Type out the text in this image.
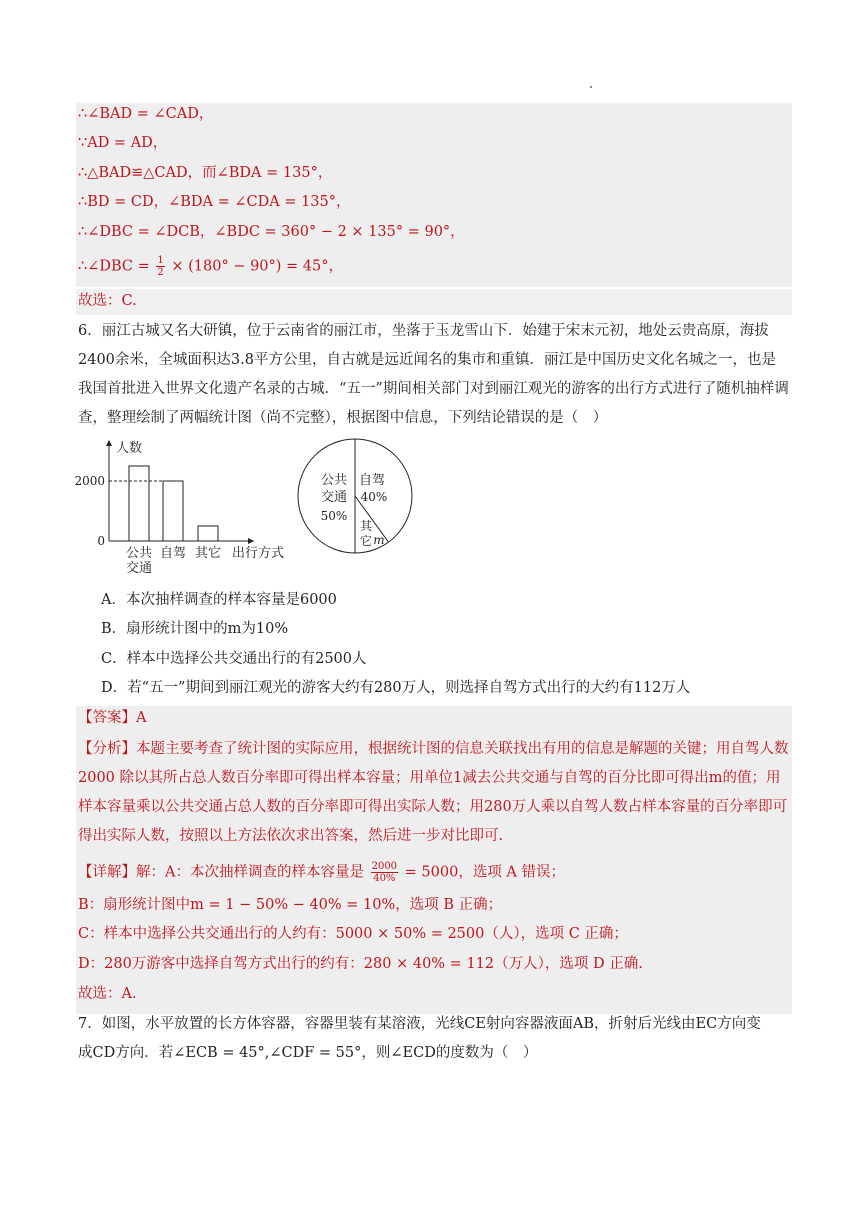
∴∠BAD = ∠CAD，
∵AD = AD，
∴△BAD≌△CAD，而∠BDA = 135°，
∴BD = CD，∠BDA = ∠CDA = 135°，
∴∠DBC = ∠DCB，∠BDC = 360° − 2 × 135° = 90°，
∴∠DBC = $\frac{1}{2} \times (180^\circ - 90^\circ) = 45^\circ$，
故选：C.
6．丽江古城又名大研镇，位于云南省的丽江市，坐落于玉龙雪山下．始建于宋末元初，地处云贵高原，海拔2400余米，全城面积达3.8平方公里，自古就是远近闻名的集市和重镇．丽江是中国历史文化名城之一，也是我国首批进入世界文化遗产名录的古城．“五一”期间相关部门对到丽江观光的游客的出行方式进行了随机抽样调查，整理绘制了两幅统计图（尚不完整），根据图中信息，下列结论错误的是（　）
人数
0
2000
公共
交通
自驾 其它 出行方式
自驾
40%
公共
交通
50%
其
它 m
A．本次抽样调查的样本容量是6000
B．扇形统计图中的m为10%
C．样本中选择公共交通出行的有2500人
D．若“五一”期间到丽江观光的游客大约有280万人，则选择自驾方式出行的大约有112万人
【答案】A
【分析】本题主要考查了统计图的实际应用，根据统计图的信息关联找出有用的信息是解题的关键；用自驾人数 2000 除以其所占总人数百分率即可得出样本容量；用单位1减去公共交通与自驾的百分比即可得出m的值；用样本容量乘以公共交通占总人数的百分率即可得出实际人数；用280万人乘以自驾人数占样本容量的百分率即可得出实际人数，按照以上方法依次求出答案，然后进一步对比即可.
【详解】解：A：本次抽样调查的样本容量是 $\frac{2000}{40\%} = 5000$，选项 A 错误；
B：扇形统计图中m = 1 − 50% − 40% = 10%，选项 B 正确；
C：样本中选择公共交通出行的人约有：5000 × 50% = 2500（人），选项 C 正确；
D：280万游客中选择自驾方式出行的约有：280 × 40% = 112（万人），选项 D 正确.
故选：A.
7．如图，水平放置的长方体容器，容器里装有某溶液，光线CE射向容器液面AB，折射后光线由EC方向变
成CD方向．若∠ECB = 45°,∠CDF = 55°，则∠ECD的度数为（　）
